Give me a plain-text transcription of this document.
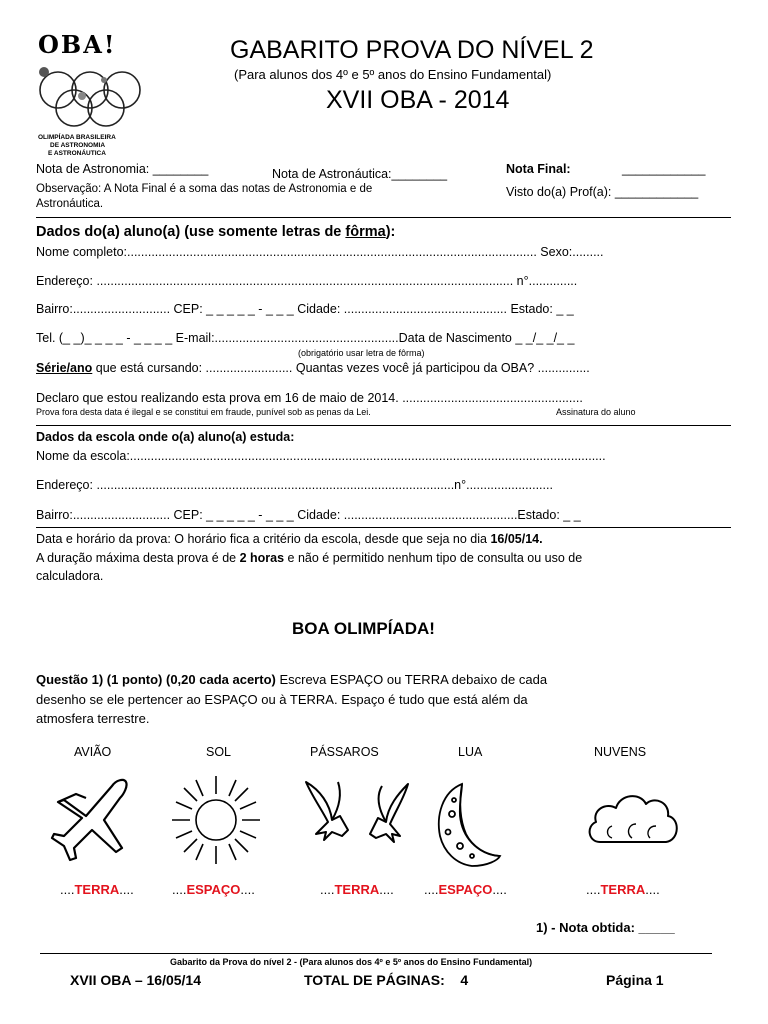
OBA!
OLIMPÍADA BRASILEIRA
DE ASTRONOMIA
E ASTRONÁUTICA
GABARITO PROVA DO NÍVEL 2
(Para alunos dos 4º e 5º anos do Ensino Fundamental)
XVII OBA - 2014
Nota de Astronomia: ________	Nota de Astronáutica:________	Nota Final:	____________
Visto do(a) Prof(a): ____________
Observação: A Nota Final é a soma das notas de Astronomia e de
Astronáutica.
Dados do(a) aluno(a) (use somente letras de fôrma):
Nome completo:...................................................................................................................... Sexo:.........
Endereço: ........................................................................................................................ n°..............
Bairro:............................ CEP: _ _ _ _ _ - _ _ _ Cidade: ............................................... Estado: _ _
Tel. (_ _)_ _ _ _ - _ _ _ _ E-mail:.....................................................Data de Nascimento _ _/_ _/_ _
(obrigatório usar letra de fôrma)
Série/ano que está cursando: ......................... Quantas vezes você já participou da OBA? ...............
Declaro que estou realizando esta prova em 16 de maio de 2014. ....................................................
Prova fora desta data é ilegal e se constitui em fraude, punível sob as penas da Lei.	Assinatura do aluno
Dados da escola onde o(a) aluno(a) estuda:
Nome da escola:.........................................................................................................................................
Endereço: .......................................................................................................n°.........................
Bairro:............................ CEP: _ _ _ _ _ - _ _ _ Cidade: ..................................................Estado: _ _
Data e horário da prova: O horário fica a critério da escola, desde que seja no dia 16/05/14.
A duração máxima desta prova é de 2 horas e não é permitido nenhum tipo de consulta ou uso de
calculadora.
BOA OLIMPÍADA!
Questão 1) (1 ponto) (0,20 cada acerto) Escreva ESPAÇO ou TERRA debaixo de cada
desenho se ele pertencer ao ESPAÇO ou à TERRA. Espaço é tudo que está além da
atmosfera terrestre.
AVIÃO	SOL	PÁSSAROS	LUA	NUVENS
....TERRA....	....ESPAÇO....	....TERRA.... ....ESPAÇO....	....TERRA....
1) - Nota obtida: _____
Gabarito da Prova do nível 2 - (Para alunos dos 4º e 5º anos do Ensino Fundamental)
XVII OBA – 16/05/14	TOTAL DE PÁGINAS:    4	Página 1
